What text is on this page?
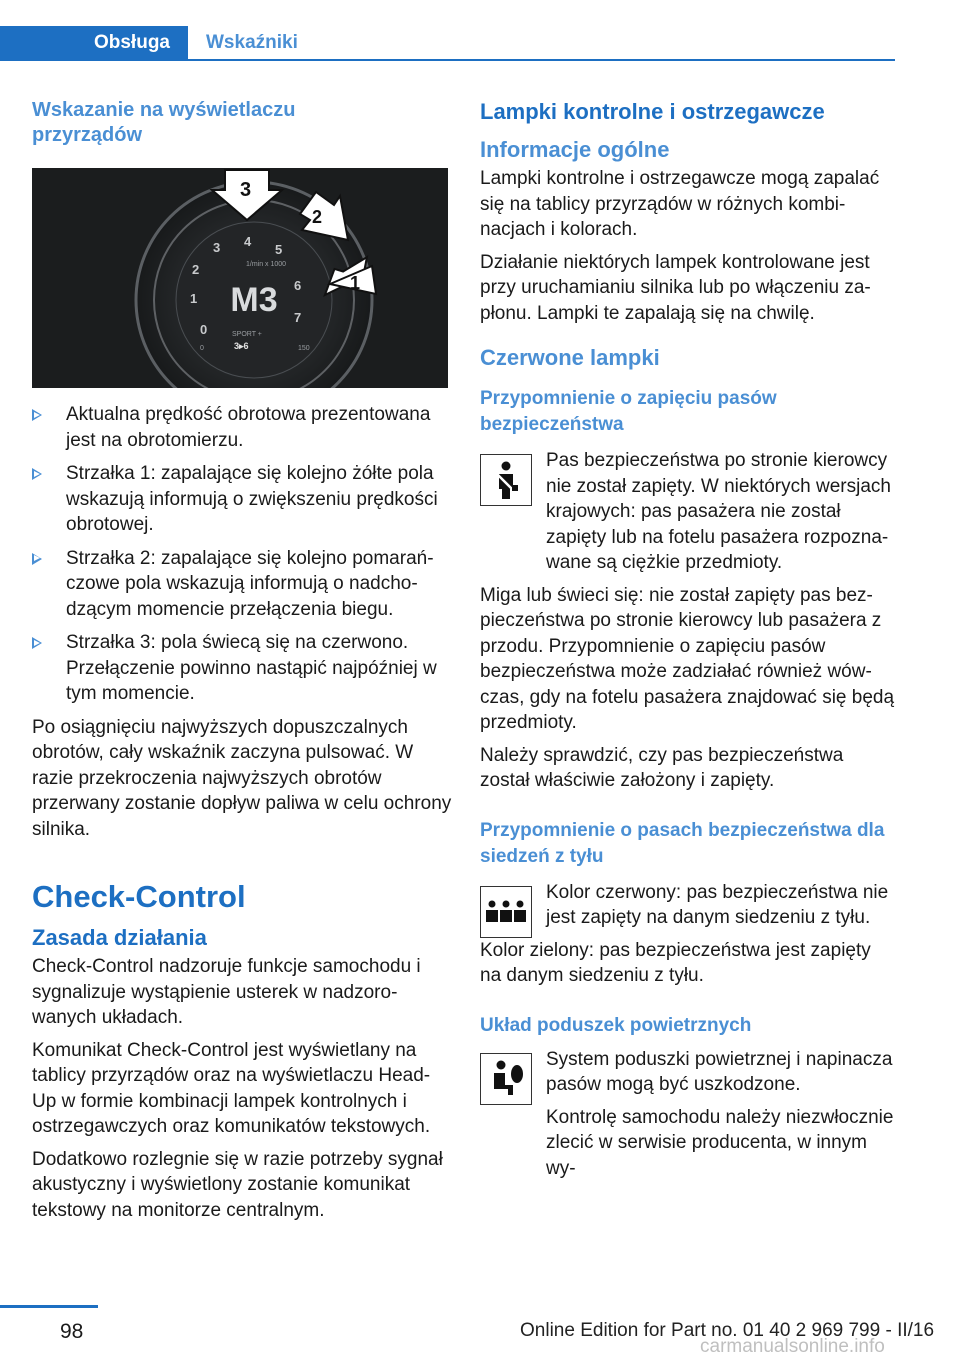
Obsługa	Wskaźniki
Wskazanie na wyświetlaczu przyrządów
M3
0
1
2
3 4
5
6
7
1/min x 1000
SPORT +
3▸6
0	150
3
2
1
Aktualna prędkość obrotowa prezentowana jest na obrotomierzu.
Strzałka 1: zapalające się kolejno żółte pola wskazują informują o zwiększeniu prędkości obrotowej.
Strzałka 2: zapalające się kolejno pomarańczowe pola wskazują informują o nadchodzącym momencie przełączenia biegu.
Strzałka 3: pola świecą się na czerwono. Przełączenie powinno nastąpić najpóźniej w tym momencie.

Po osiągnięciu najwyższych dopuszczalnych obrotów, cały wskaźnik zaczyna pulsować. W razie przekroczenia najwyższych obrotów przerwany zostanie dopływ paliwa w celu ochrony silnika.

Check-Control
Zasada działania

Check-Control nadzoruje funkcje samochodu i sygnalizuje wystąpienie usterek w nadzorowanych układach.

Komunikat Check-Control jest wyświetlany na tablicy przyrządów oraz na wyświetlaczu Head-Up w formie kombinacji lampek kontrolnych i ostrzegawczych oraz komunikatów tekstowych.

Dodatkowo rozlegnie się w razie potrzeby sygnał akustyczny i wyświetlony zostanie komunikat tekstowy na monitorze centralnym.

Lampki kontrolne i ostrzegawcze
Informacje ogólne

Lampki kontrolne i ostrzegawcze mogą zapalać się na tablicy przyrządów w różnych kombinacjach i kolorach.

Działanie niektórych lampek kontrolowane jest przy uruchamianiu silnika lub po włączeniu zapłonu. Lampki te zapalają się na chwilę.

Czerwone lampki
Przypomnienie o zapięciu pasów bezpieczeństwa

Pas bezpieczeństwa po stronie kierowcy nie został zapięty. W niektórych wersjach krajowych: pas pasażera nie został zapięty lub na fotelu pasażera rozpoznawane są ciężkie przedmioty.

Miga lub świeci się: nie został zapięty pas bezpieczeństwa po stronie kierowcy lub pasażera z przodu. Przypomnienie o zapięciu pasów bezpieczeństwa może zadziałać również wówczas, gdy na fotelu pasażera znajdować się będą przedmioty.

Należy sprawdzić, czy pas bezpieczeństwa został właściwie założony i zapięty.

Przypomnienie o pasach bezpieczeństwa dla siedzeń z tyłu

Kolor czerwony: pas bezpieczeństwa nie jest zapięty na danym siedzeniu z tyłu.

Kolor zielony: pas bezpieczeństwa jest zapięty na danym siedzeniu z tyłu.

Układ poduszek powietrznych

System poduszki powietrznej i napinacza pasów mogą być uszkodzone.

Kontrolę samochodu należy niezwłocznie zlecić w serwisie producenta, w innym wy-

98	Online Edition for Part no. 01 40 2 969 799 - II/16
carmanualsonline.info
